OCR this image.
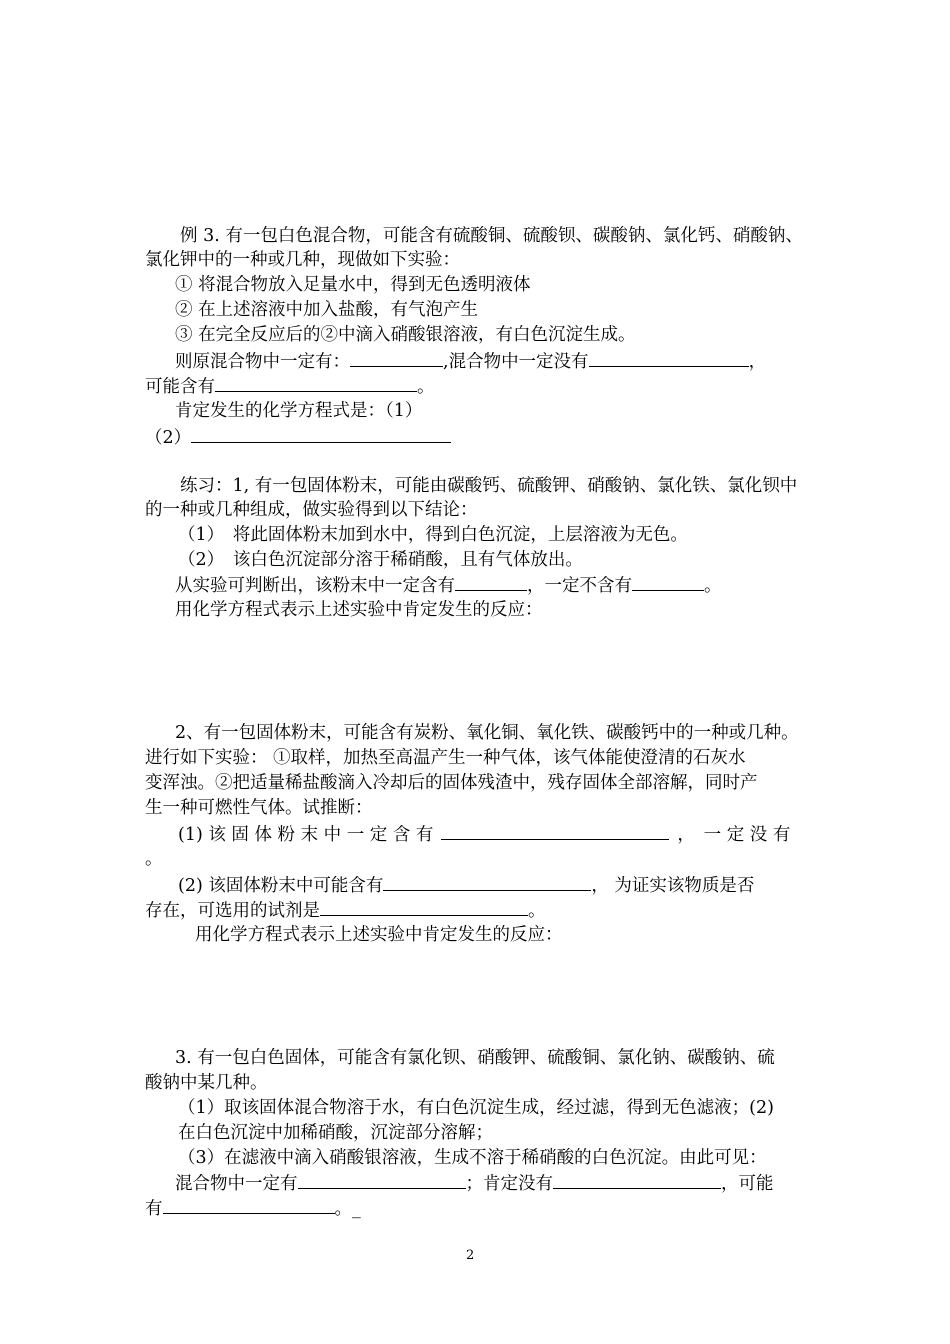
例 3. 有一包白色混合物，可能含有硫酸铜、硫酸钡、碳酸钠、氯化钙、硝酸钠、
氯化钾中的一种或几种，现做如下实验：
① 将混合物放入足量水中，得到无色透明液体
② 在上述溶液中加入盐酸，有气泡产生
③ 在完全反应后的②中滴入硝酸银溶液，有白色沉淀生成。
则原混合物中一定有：	,混合物中一定没有	，
可能含有	。
肯定发生的化学方程式是：（1）
（2）
练习：1, 有一包固体粉末，可能由碳酸钙、硫酸钾、硝酸钠、氯化铁、氯化钡中
的一种或几种组成，做实验得到以下结论：
（1）　将此固体粉末加到水中，得到白色沉淀，上层溶液为无色。
（2）　该白色沉淀部分溶于稀硝酸，且有气体放出。
从实验可判断出，该粉末中一定含有	，一定不含有	。
用化学方程式表示上述实验中肯定发生的反应：
2、有一包固体粉末，可能含有炭粉、氧化铜、氧化铁、碳酸钙中的一种或几种。
进行如下实验： ①取样，加热至高温产生一种气体，该气体能使澄清的石灰水
变浑浊。②把适量稀盐酸滴入冷却后的固体残渣中，残存固体全部溶解，同时产
生一种可燃性气体。试推断：
(1) 该 固 体 粉 末 中 一 定 含 有	，　一 定 没 有
。
(2) 该固体粉末中可能含有	， 为证实该物质是否
存在，可选用的试剂是	。
用化学方程式表示上述实验中肯定发生的反应：
3. 有一包白色固体，可能含有氯化钡、硝酸钾、硫酸铜、氯化钠、碳酸钠、硫
酸钠中某几种。
（1）取该固体混合物溶于水，有白色沉淀生成，经过滤，得到无色滤液；(2)
在白色沉淀中加稀硝酸，沉淀部分溶解；
（3）在滤液中滴入硝酸银溶液，生成不溶于稀硝酸的白色沉淀。由此可见：
混合物中一定有	；肯定没有	，可能
有	。_
2
